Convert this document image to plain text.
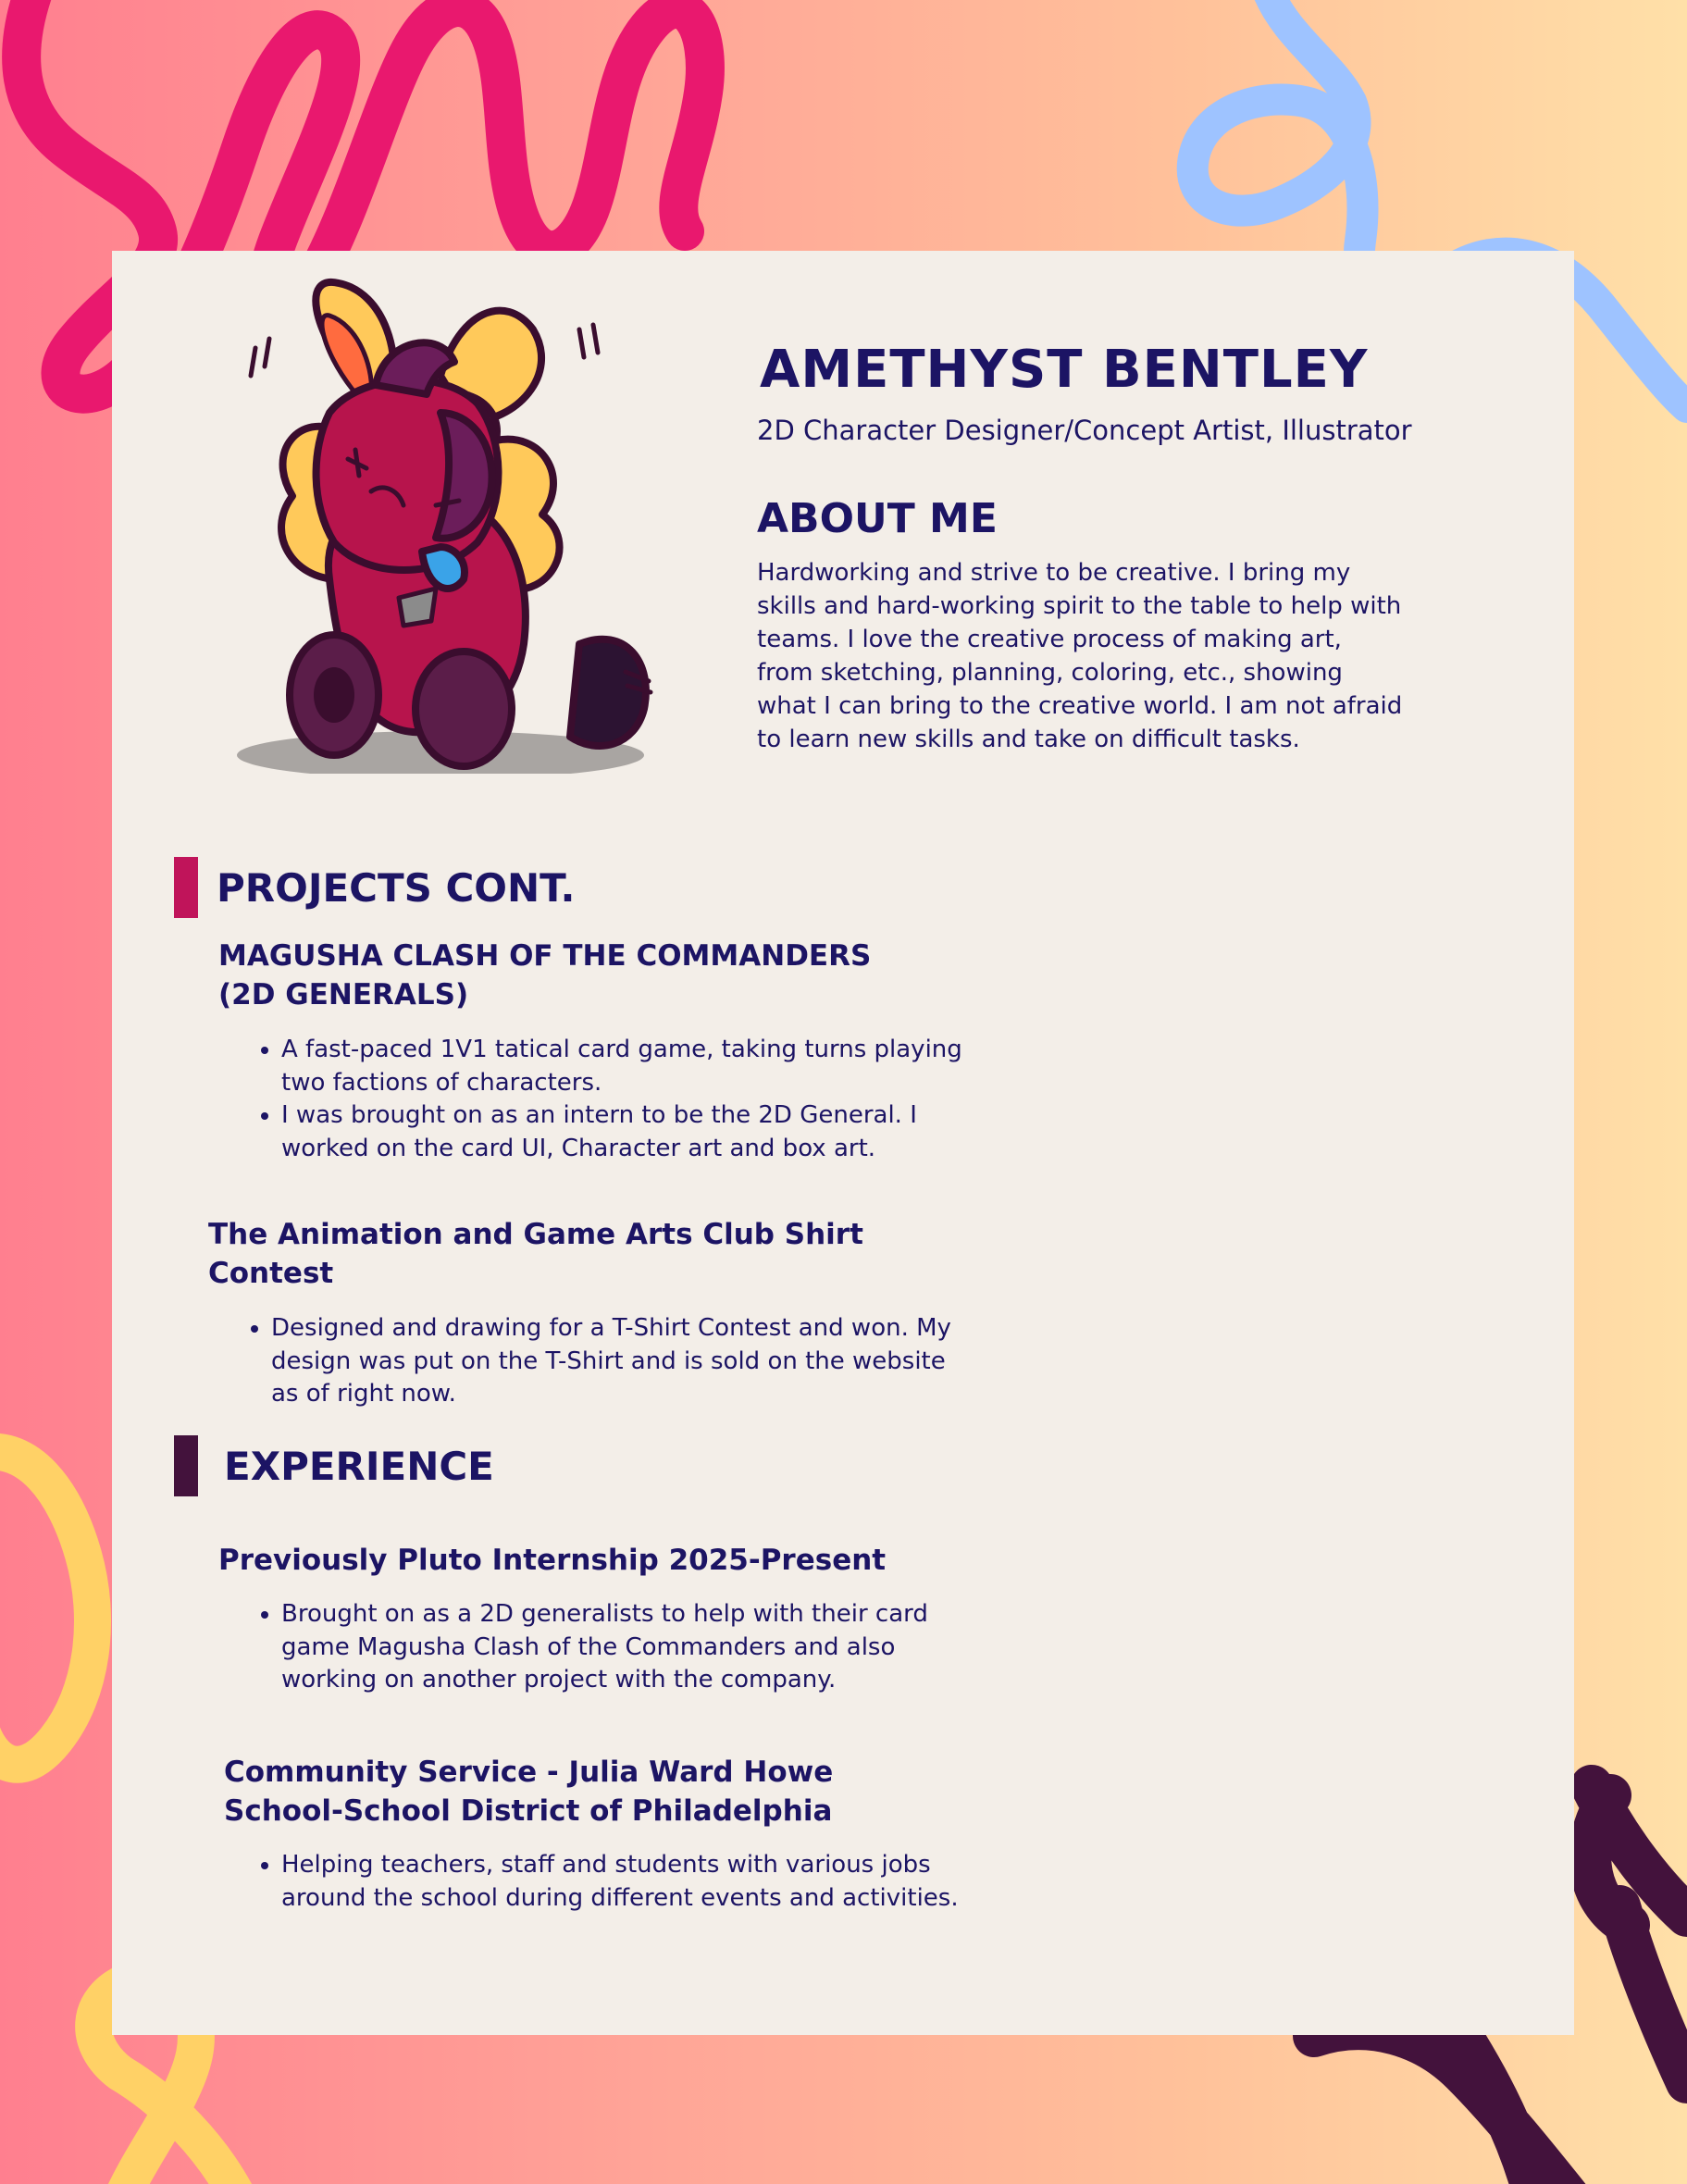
AMETHYST BENTLEY
2D Character Designer/Concept Artist, Illustrator
ABOUT ME

Hardworking and strive to be creative. I bring my skills and hard-working spirit to the table to help with teams. I love the creative process of making art, from sketching, planning, coloring, etc., showing what I can bring to the creative world. I am not afraid to learn new skills and take on difficult tasks.

PROJECTS CONT.
MAGUSHA CLASH OF THE COMMANDERS (2D GENERALS)
• A fast-paced 1V1 tatical card game, taking turns playing two factions of characters.
• I was brought on as an intern to be the 2D General. I worked on the card UI, Character art and box art.
The Animation and Game Arts Club Shirt Contest
• Designed and drawing for a T-Shirt Contest and won. My design was put on the T-Shirt and is sold on the website as of right now.
EXPERIENCE
Previously Pluto Internship 2025-Present
• Brought on as a 2D generalists to help with their card game Magusha Clash of the Commanders and also working on another project with the company.
Community Service - Julia Ward Howe School-School District of Philadelphia
• Helping teachers, staff and students with various jobs around the school during different events and activities.
